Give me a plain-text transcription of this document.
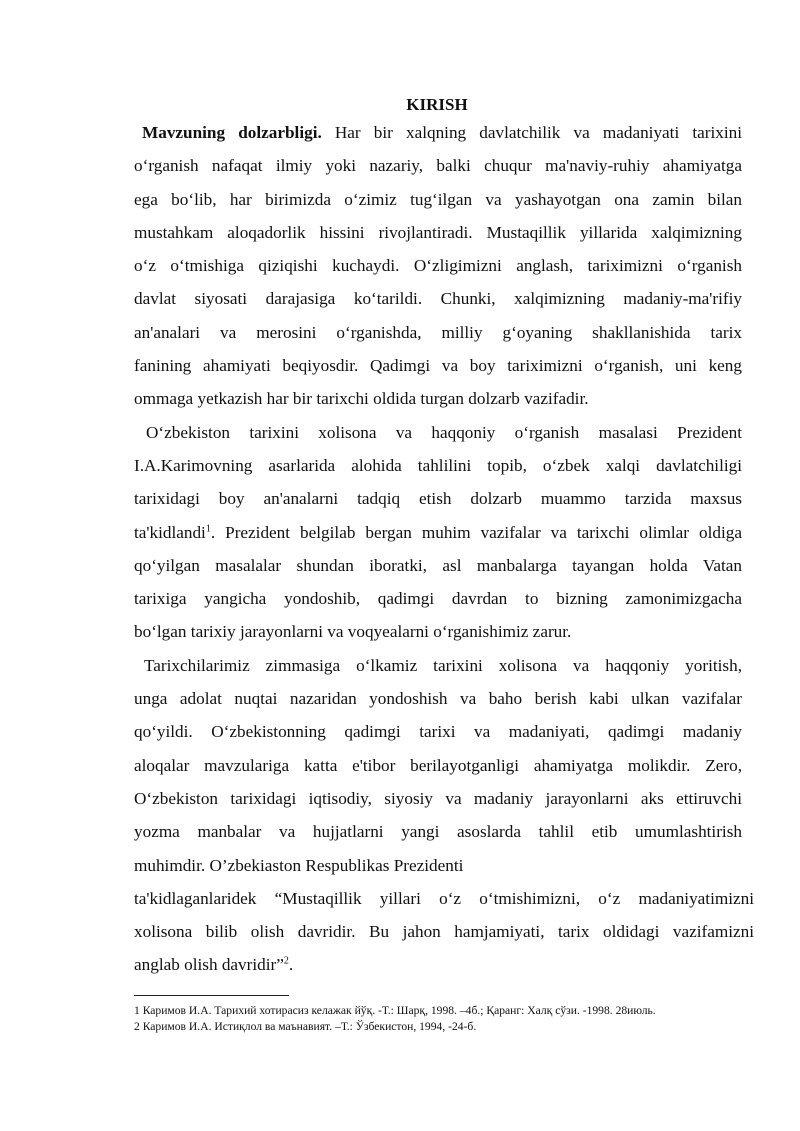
KIRISH
Mavzuning dolzarbligi. Har bir xalqning davlatchilik va madaniyati tarixini
oʻrganish nafaqat ilmiy yoki nazariy, balki chuqur ma'naviy-ruhiy ahamiyatga
ega boʻlib, har birimizda oʻzimiz tugʻilgan va yashayotgan ona zamin bilan
mustahkam aloqadorlik hissini rivojlantiradi. Mustaqillik yillarida xalqimizning
oʻz oʻtmishiga qiziqishi kuchaydi. Oʻzligimizni anglash, tariximizni oʻrganish
davlat siyosati darajasiga koʻtarildi. Chunki, xalqimizning madaniy-ma'rifiy
an'analari va merosini oʻrganishda, milliy gʻoyaning shakllanishida tarix
fanining ahamiyati beqiyosdir. Qadimgi va boy tariximizni oʻrganish, uni keng
ommaga yetkazish har bir tarixchi oldida turgan dolzarb vazifadir.
Oʻzbekiston tarixini xolisona va haqqoniy oʻrganish masalasi Prezident
I.A.Karimovning asarlarida alohida tahlilini topib, oʻzbek xalqi davlatchiligi
tarixidagi boy an'analarni tadqiq etish dolzarb muammo tarzida maxsus
ta'kidlandi$^1$. Prezident belgilab bergan muhim vazifalar va tarixchi olimlar oldiga
qoʻyilgan masalalar shundan iboratki, asl manbalarga tayangan holda Vatan
tarixiga yangicha yondoshib, qadimgi davrdan to bizning zamonimizgacha
boʻlgan tarixiy jarayonlarni va voqyealarni oʻrganishimiz zarur.
Tarixchilarimiz zimmasiga oʻlkamiz tarixini xolisona va haqqoniy yoritish,
unga adolat nuqtai nazaridan yondoshish va baho berish kabi ulkan vazifalar
qoʻyildi. Oʻzbekistonning qadimgi tarixi va madaniyati, qadimgi madaniy
aloqalar mavzulariga katta e'tibor berilayotganligi ahamiyatga molikdir. Zero,
Oʻzbekiston tarixidagi iqtisodiy, siyosiy va madaniy jarayonlarni aks ettiruvchi
yozma manbalar va hujjatlarni yangi asoslarda tahlil etib umumlashtirish
muhimdir. O’zbekiaston Respublikas Prezidenti
ta'kidlaganlaridek “Mustaqillik yillari oʻz oʻtmishimizni, oʻz madaniyatimizni
xolisona bilib olish davridir. Bu jahon hamjamiyati, tarix oldidagi vazifamizni
anglab olish davridir”$^2$.
1 Каримов И.А. Тарихий хотирасиз келажак йўқ. -Т.: Шарқ, 1998. –4б.; Қаранг: Халқ сўзи. -1998. 28июль.
2 Каримов И.А. Истиқлол ва маънавият. –Т.: Ўзбекистон, 1994, -24-б.
